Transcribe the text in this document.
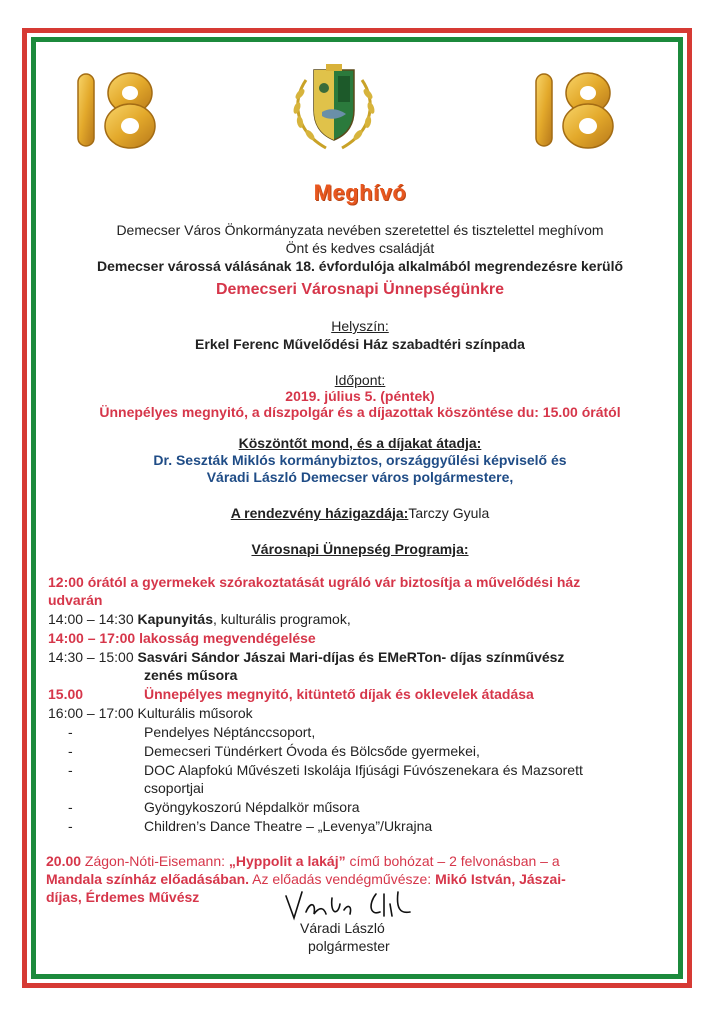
Meghívó
Demecser Város Önkormányzata nevében szeretettel és tisztelettel meghívom
Önt és kedves családját
Demecser várossá válásának 18. évfordulója alkalmából megrendezésre kerülő
Demecseri Városnapi Ünnepségünkre
Helyszín:
Erkel Ferenc Művelődési Ház szabadtéri színpada
Időpont:
2019. július 5. (péntek)
Ünnepélyes megnyitó, a díszpolgár és a díjazottak köszöntése du: 15.00 órától
Köszöntőt mond, és a díjakat átadja:
Dr. Seszták Miklós kormánybiztos, országgyűlési képviselő és
Váradi László Demecser város polgármestere,
A rendezvény házigazdája:Tarczy Gyula
Városnapi Ünnepség Programja:
12:00 órától a gyermekek szórakoztatását ugráló vár biztosítja a művelődési ház
udvarán
14:00 – 14:30 Kapunyitás, kulturális programok,
14:00 – 17:00 lakosság megvendégelése
14:30 – 15:00 Sasvári Sándor Jászai Mari-díjas és EMeRTon- díjas színművész
zenés műsora
15.00	Ünnepélyes megnyitó, kitüntető díjak és oklevelek átadása
16:00 – 17:00 Kulturális műsorok
-	Pendelyes Néptánccsoport,
-	Demecseri Tündérkert Óvoda és Bölcsőde gyermekei,
-	DOC Alapfokú Művészeti Iskolája Ifjúsági Fúvószenekara és Mazsorett
csoportjai
-	Gyöngykoszorú Népdalkör műsora
-	Children’s Dance Theatre – „Levenya”/Ukrajna
20.00 Zágon-Nóti-Eisemann: „Hyppolit a lakáj” című bohózat – 2 felvonásban – a
Mandala színház előadásában. Az előadás vendégművésze: Mikó István, Jászai-
díjas, Érdemes Művész
Váradi László
polgármester
